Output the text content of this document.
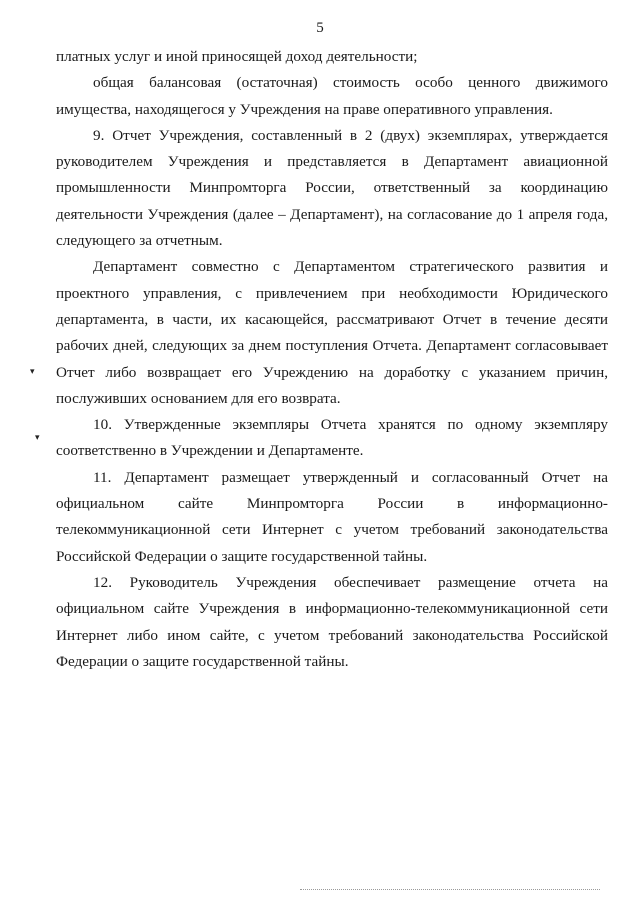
5
▾
▾

платных услуг и иной приносящей доход деятельности;

общая балансовая (остаточная) стоимость особо ценного движимого
имущества, находящегося у Учреждения на праве оперативного управления.

9. Отчет Учреждения, составленный в 2 (двух) экземплярах, утверждается
руководителем Учреждения и представляется в Департамент авиационной
промышленности Минпромторга России, ответственный за координацию
деятельности Учреждения (далее – Департамент), на согласование до 1 апреля года,
следующего за отчетным.

Департамент совместно с Департаментом стратегического развития и
проектного управления, с привлечением при необходимости Юридического
департамента, в части, их касающейся, рассматривают Отчет в течение десяти
рабочих дней, следующих за днем поступления Отчета. Департамент согласовывает
Отчет либо возвращает его Учреждению на доработку с указанием причин,
послуживших основанием для его возврата.

10. Утвержденные экземпляры Отчета хранятся по одному экземпляру
соответственно в Учреждении и Департаменте.

11. Департамент размещает утвержденный и согласованный Отчет на
официальном сайте Минпромторга России в информационно-
телекоммуникационной сети Интернет с учетом требований законодательства
Российской Федерации о защите государственной тайны.

12. Руководитель Учреждения обеспечивает размещение отчета на
официальном сайте Учреждения в информационно-телекоммуникационной сети
Интернет либо ином сайте, с учетом требований законодательства Российской
Федерации о защите государственной тайны.
